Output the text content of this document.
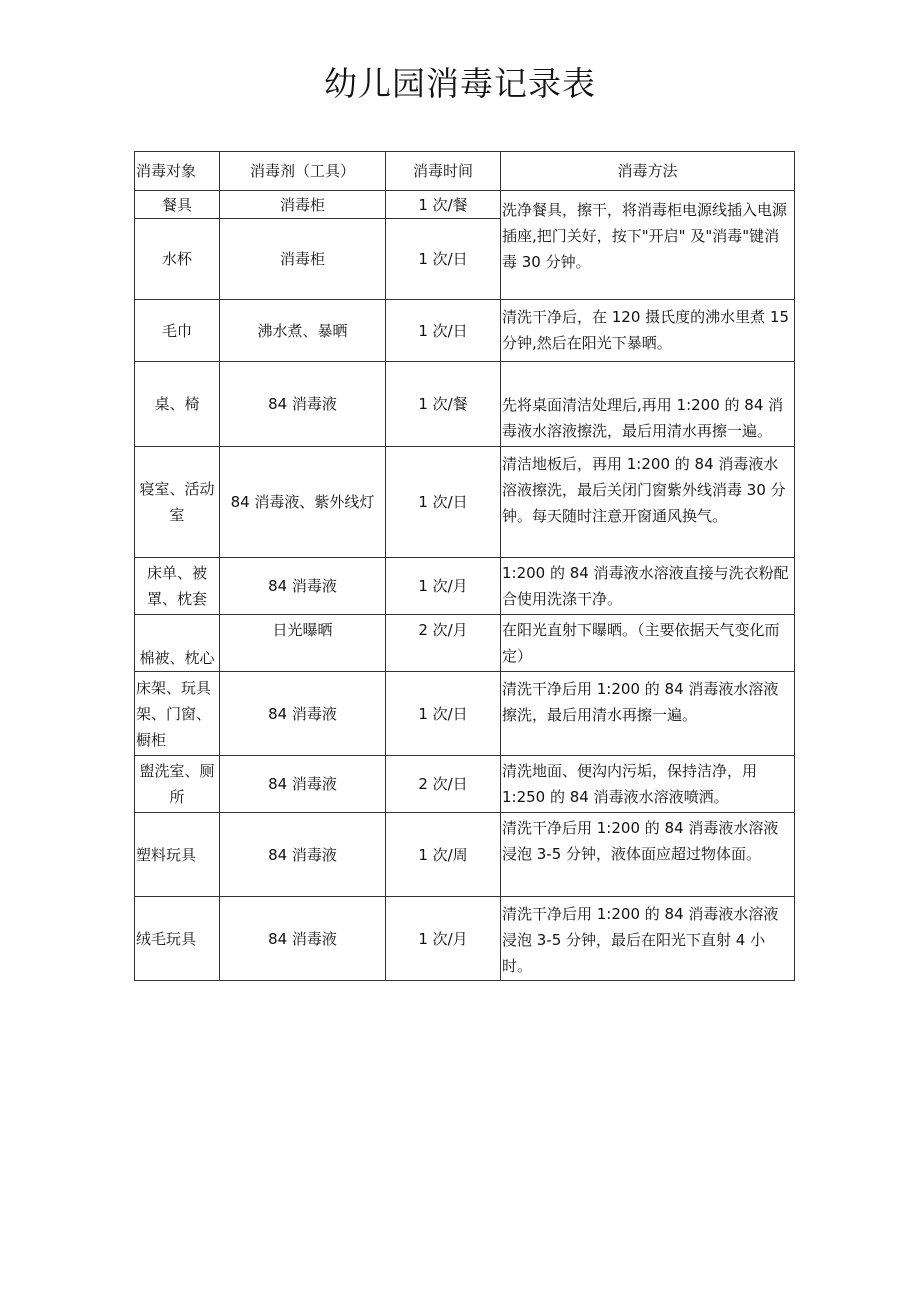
幼儿园消毒记录表
消毒对象	消毒剂（工具）	消毒时间	消毒方法
餐具	消毒柜	1 次/餐	洗净餐具，擦干，将消毒柜电源线插入电源插座,把门关好，按下"开启" 及"消毒"键消毒 30 分钟。
水杯	消毒柜	1 次/日	
毛巾	沸水煮、暴晒	1 次/日	清洗干净后，在 120 摄氏度的沸水里煮 15 分钟,然后在阳光下暴晒。
桌、椅	84 消毒液	1 次/餐	先将桌面清洁处理后,再用 1:200 的 84 消毒液水溶液擦洗，最后用清水再擦一遍。
寝室、活动室	84 消毒液、紫外线灯	1 次/日	清洁地板后，再用 1:200 的 84 消毒液水溶液擦洗，最后关闭门窗紫外线消毒 30 分钟。每天随时注意开窗通风换气。
床单、被罩、枕套	84 消毒液	1 次/月	1:200 的 84 消毒液水溶液直接与洗衣粉配合使用洗涤干净。
棉被、枕心	日光曝晒	2 次/月	在阳光直射下曝晒。（主要依据天气变化而定）
床架、玩具架、门窗、橱柜	84 消毒液	1 次/日	清洗干净后用 1:200 的 84 消毒液水溶液擦洗，最后用清水再擦一遍。
盥洗室、厕所	84 消毒液	2 次/日	清洗地面、便沟内污垢，保持洁净，用 1:250 的 84 消毒液水溶液喷洒。
塑料玩具	84 消毒液	1 次/周	清洗干净后用 1:200 的 84 消毒液水溶液浸泡 3-5 分钟，液体面应超过物体面。
绒毛玩具	84 消毒液	1 次/月	清洗干净后用 1:200 的 84 消毒液水溶液浸泡 3-5 分钟，最后在阳光下直射 4 小时。
